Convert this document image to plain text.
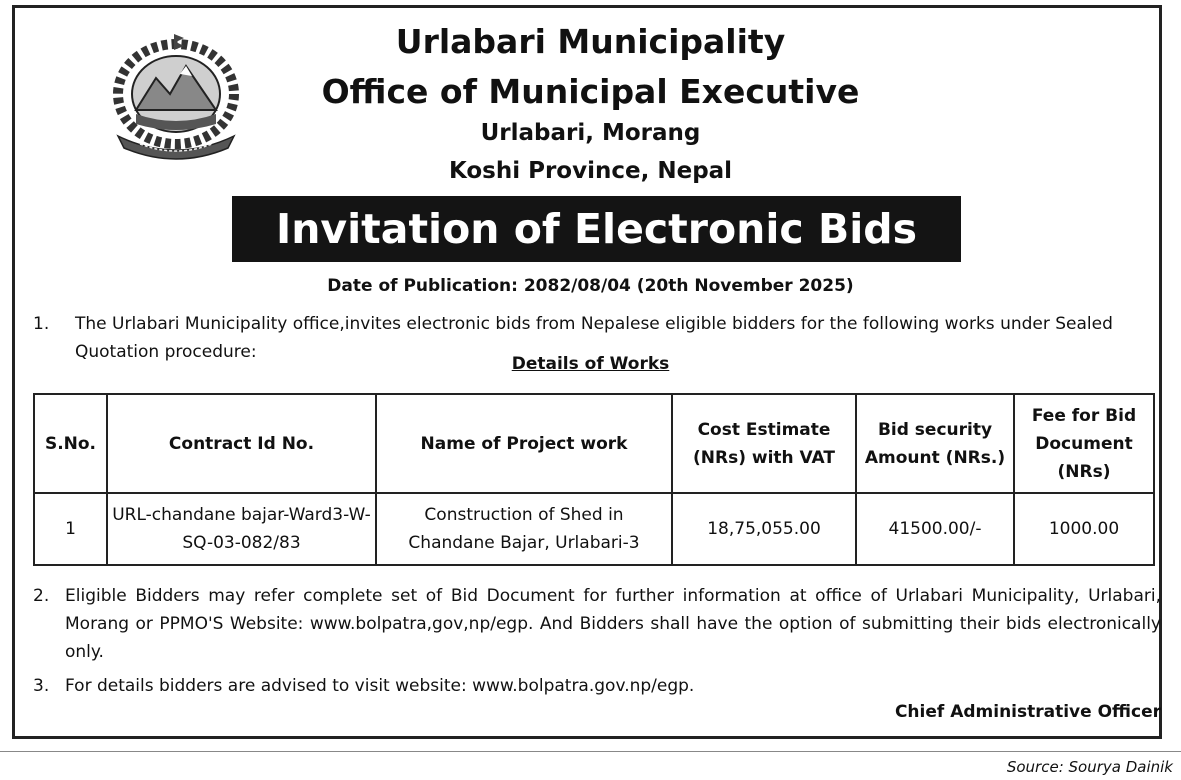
Urlabari Municipality
Office of Municipal Executive
Urlabari, Morang
Koshi Province, Nepal
Invitation of Electronic Bids
Date of Publication: 2082/08/04 (20th November 2025)
1. The Urlabari Municipality office,invites electronic bids from Nepalese eligible bidders for the following works under Sealed Quotation procedure:
Details of Works
S.No.	Contract Id No.	Name of Project work	Cost Estimate (NRs) with VAT	Bid security Amount (NRs.)	Fee for Bid Document (NRs)
1	URL-chandane bajar-Ward3-W-SQ-03-082/83	Construction of Shed in Chandane Bajar, Urlabari-3	18,75,055.00	41500.00/-	1000.00
2. Eligible Bidders may refer complete set of Bid Document for further information at office of Urlabari Municipality, Urlabari, Morang or PPMO'S Website: www.bolpatra,gov,np/egp. And Bidders shall have the option of submitting their bids electronically only.
3. For details bidders are advised to visit website: www.bolpatra.gov.np/egp.
Chief Administrative Officer
Source: Sourya Dainik
